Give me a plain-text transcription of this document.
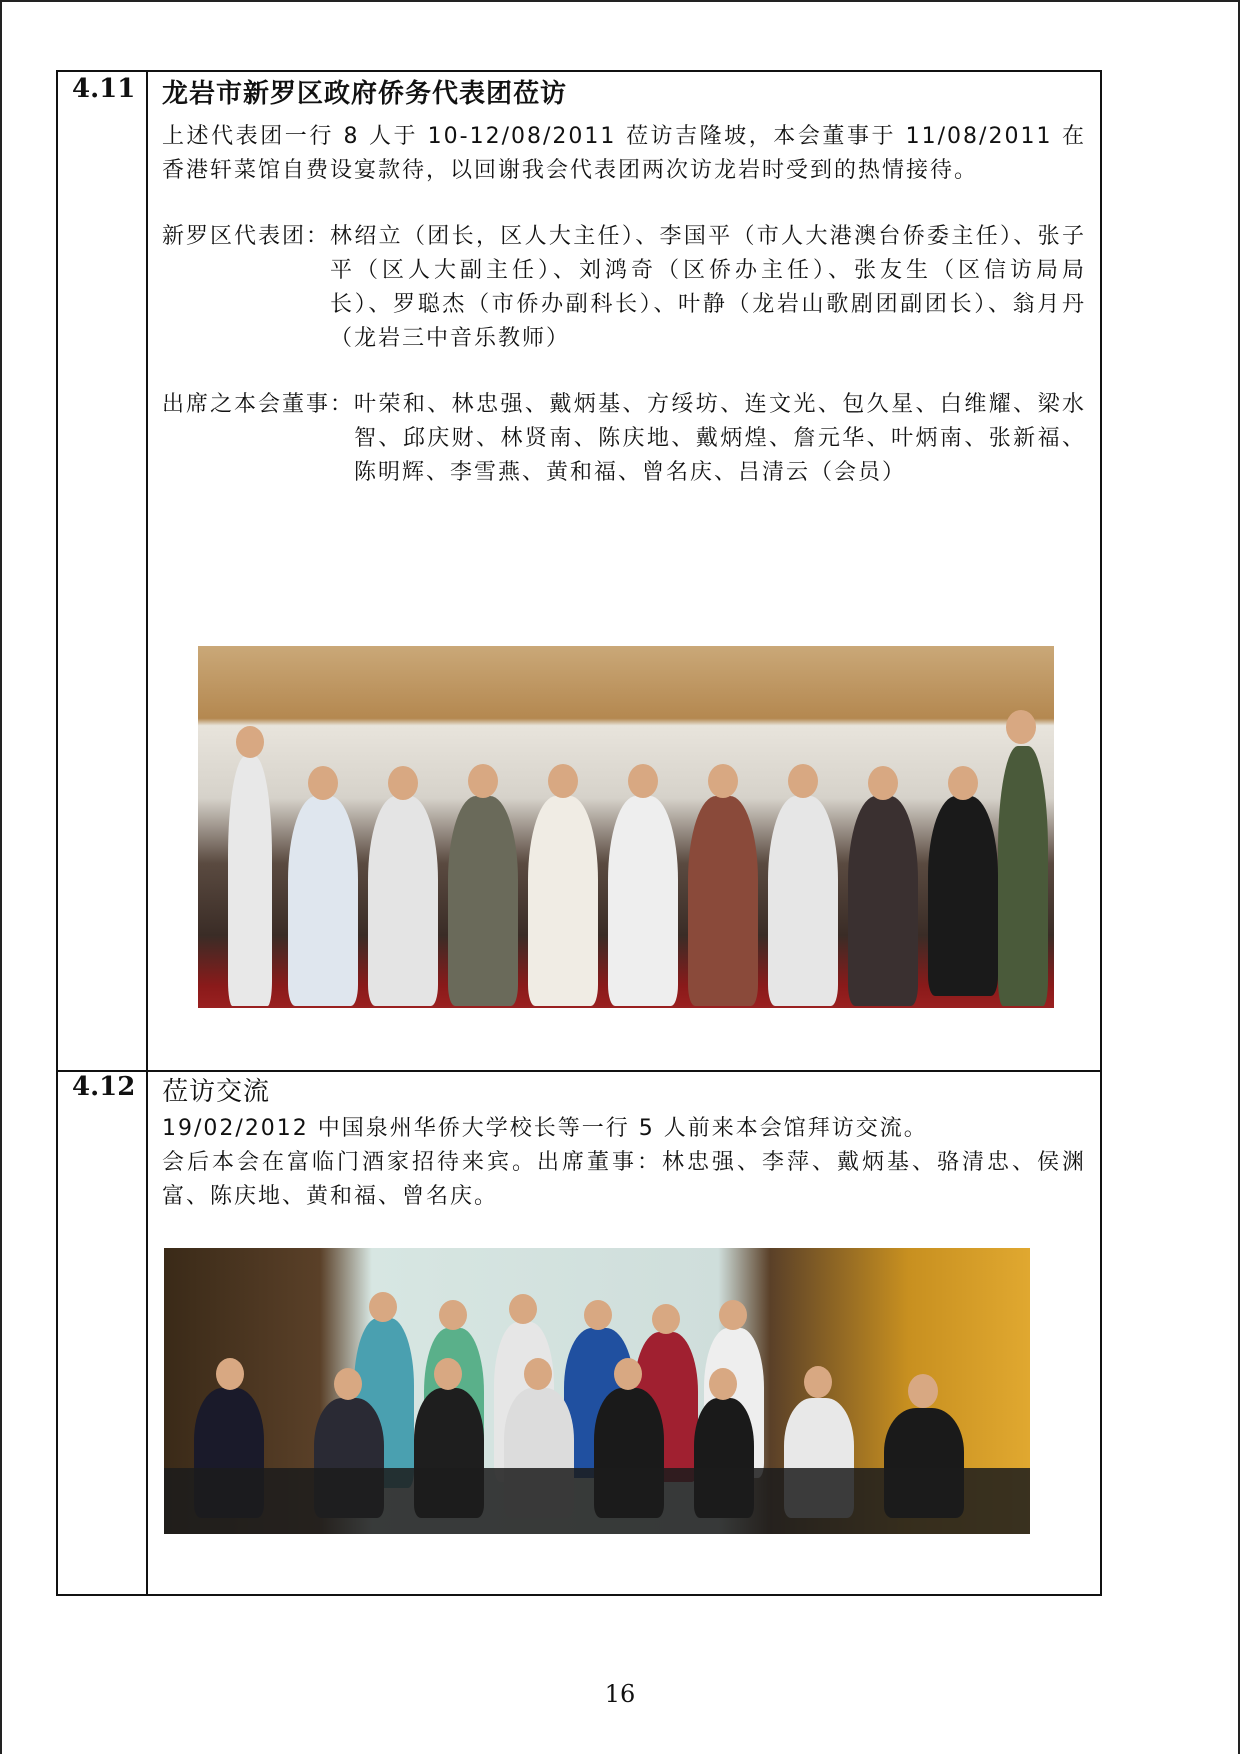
4.11 龙岩市新罗区政府侨务代表团莅访

上述代表团一行 8 人于 10-12/08/2011 莅访吉隆坡，本会董事于 11/08/2011 在香港轩菜馆自费设宴款待，以回谢我会代表团两次访龙岩时受到的热情接待。

新罗区代表团： 林绍立（团长，区人大主任）、李国平（市人大港澳台侨委主任）、张子平（区人大副主任）、刘鸿奇（区侨办主任）、张友生（区信访局局长）、罗聪杰（市侨办副科长）、叶静（龙岩山歌剧团副团长）、翁月丹（龙岩三中音乐教师）
出席之本会董事： 叶荣和、林忠强、戴炳基、方绥坊、连文光、包久星、白维耀、梁水智、邱庆财、林贤南、陈庆地、戴炳煌、詹元华、叶炳南、张新福、陈明辉、李雪燕、黄和福、曾名庆、吕清云（会员）
4.12 莅访交流

19/02/2012 中国泉州华侨大学校长等一行 5 人前来本会馆拜访交流。

会后本会在富临门酒家招待来宾。出席董事：林忠强、李萍、戴炳基、骆清忠、侯渊富、陈庆地、黄和福、曾名庆。

16
